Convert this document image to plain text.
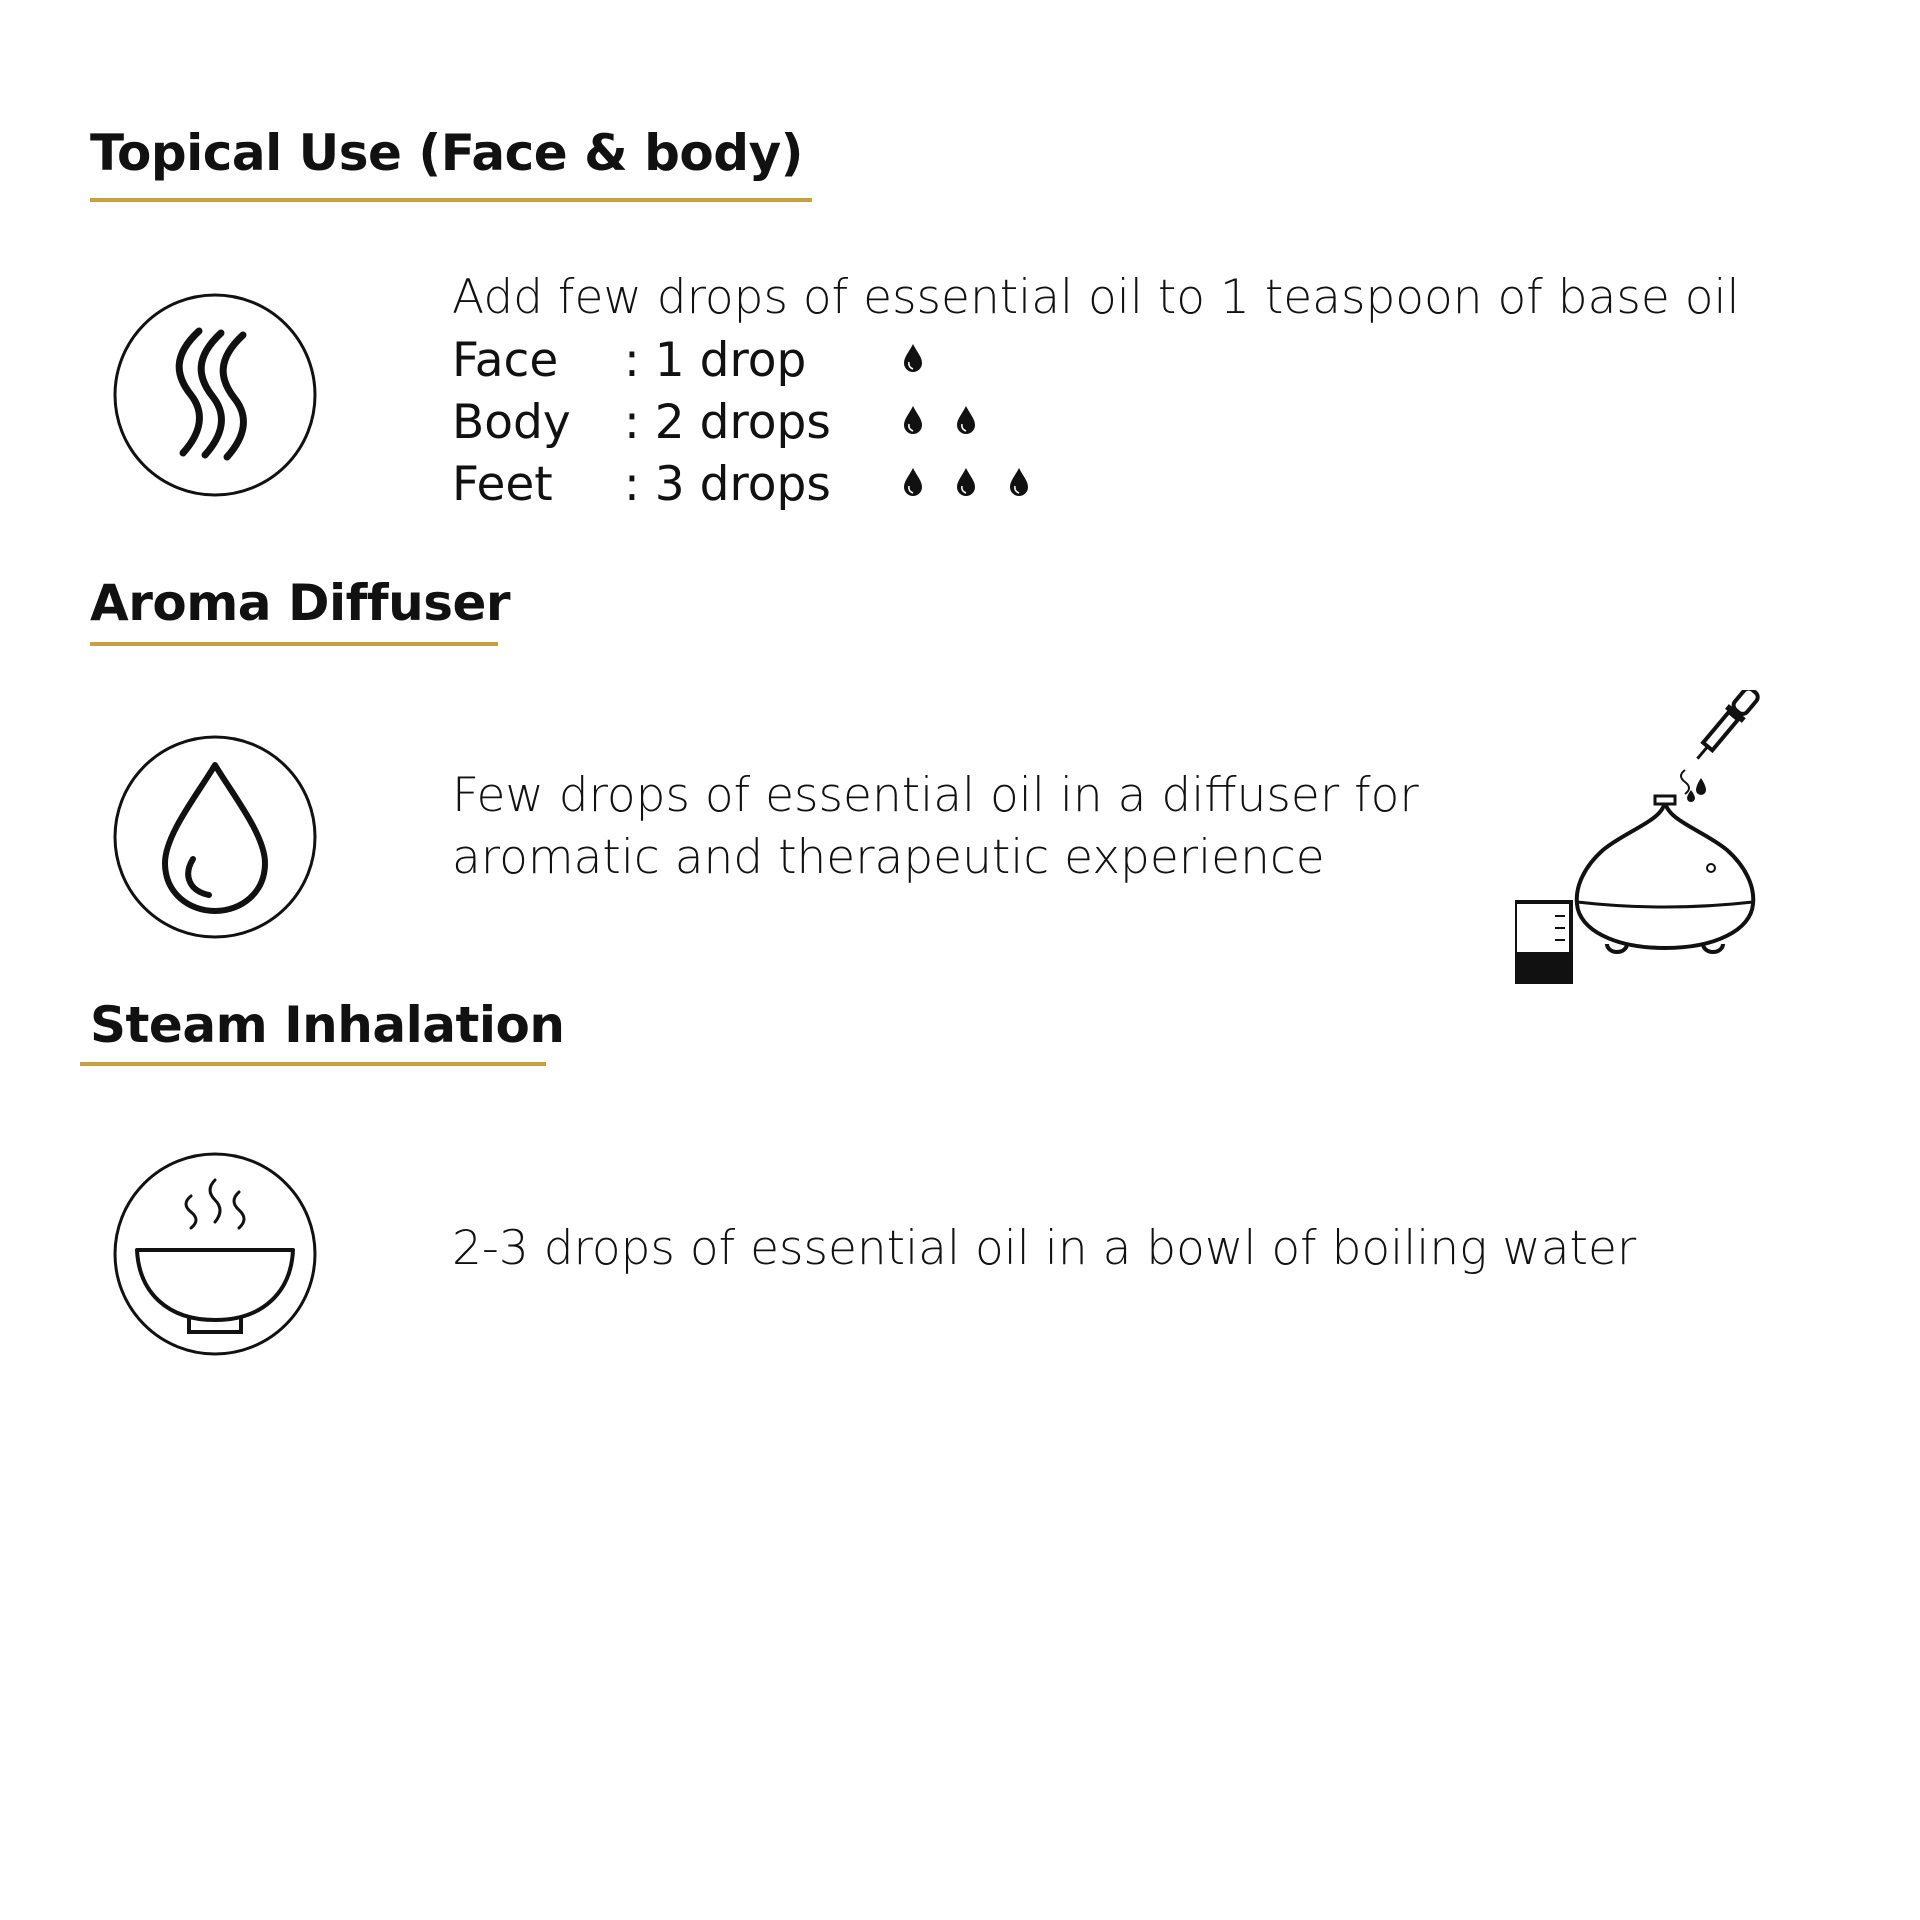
Topical Use (Face & body)

Add few drops of essential oil to 1 teaspoon of base oil

Face : 1 drop
Body : 2 drops
Feet : 3 drops
Aroma Diffuser

Few drops of essential oil in a diffuser for

aromatic and therapeutic experience

Steam Inhalation

2-3 drops of essential oil in a bowl of boiling water
